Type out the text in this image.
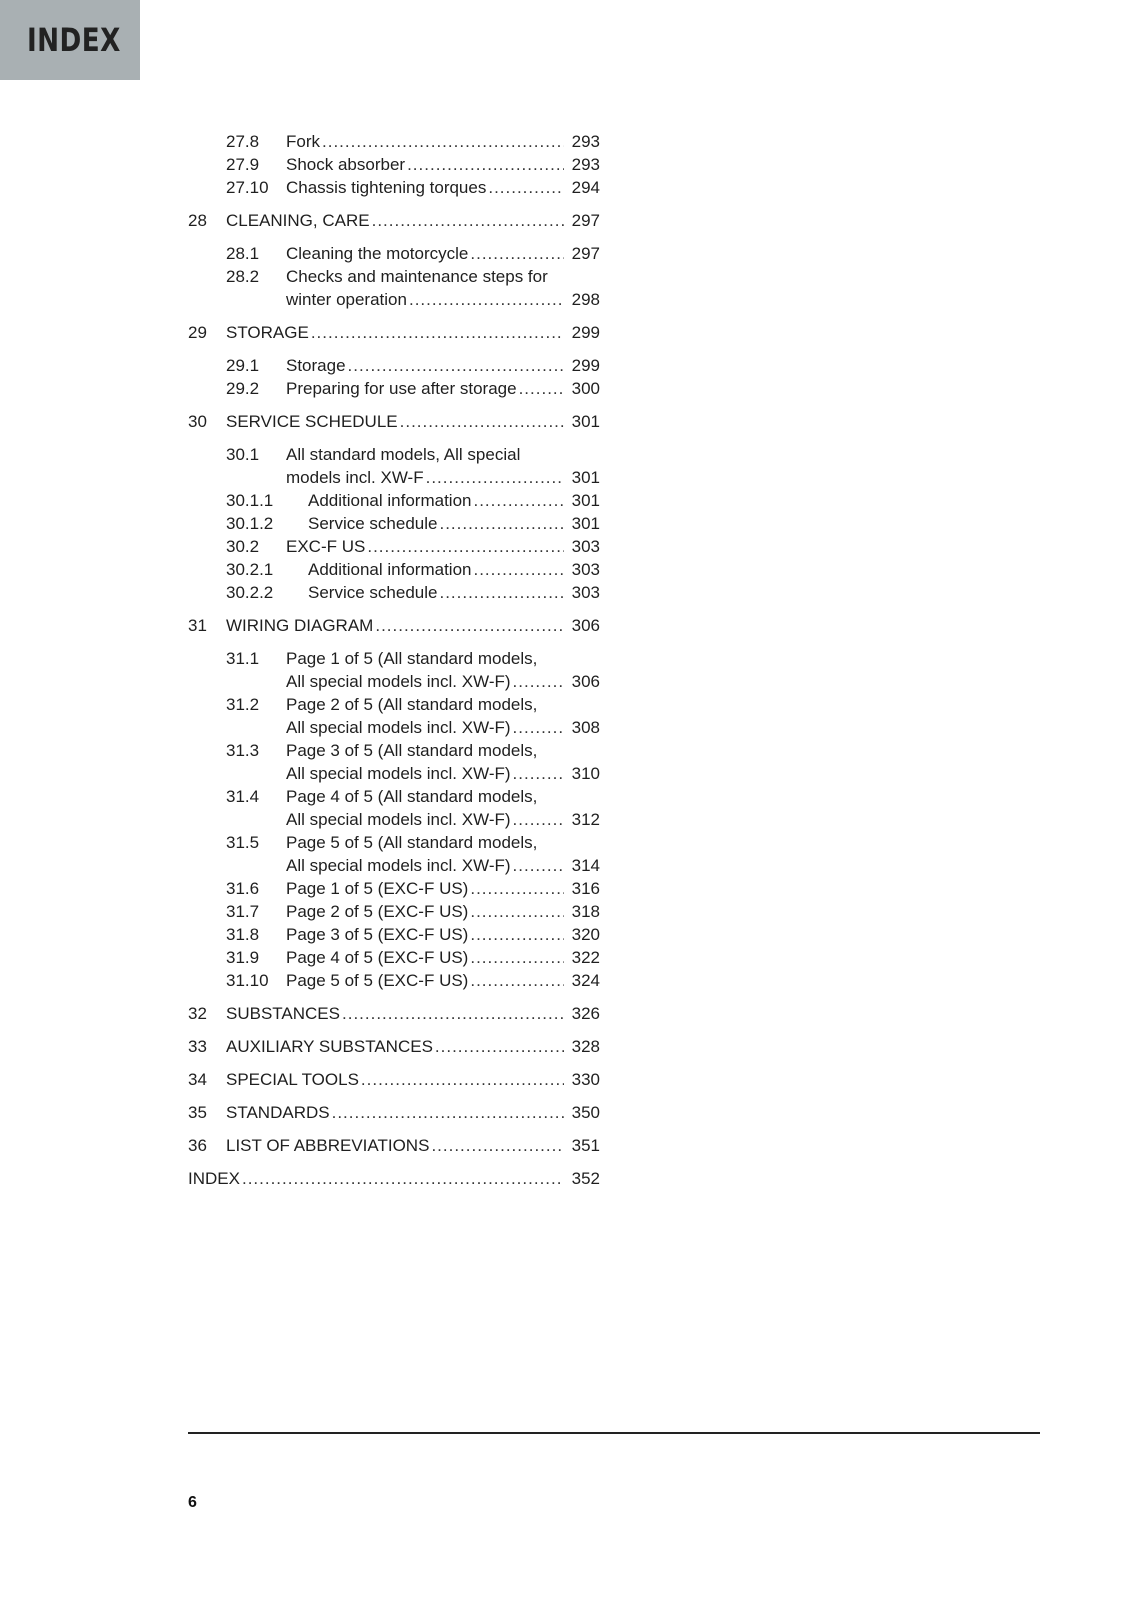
INDEX
27.8	Fork .....	293
27.9	Shock absorber .....	293
27.10	Chassis tightening torques .....	294
28	CLEANING, CARE .....	297
28.1	Cleaning the motorcycle .....	297
28.2	Checks and maintenance steps for
winter operation .....	298
29	STORAGE .....	299
29.1	Storage .....	299
29.2	Preparing for use after storage .....	300
30	SERVICE SCHEDULE .....	301
30.1	All standard models, All special
models incl. XW-F .....	301
30.1.1	Additional information .....	301
30.1.2	Service schedule .....	301
30.2	EXC-F US .....	303
30.2.1	Additional information .....	303
30.2.2	Service schedule .....	303
31	WIRING DIAGRAM .....	306
31.1	Page 1 of 5 (All standard models,
All special models incl. XW-F) .....	306
31.2	Page 2 of 5 (All standard models,
All special models incl. XW-F) .....	308
31.3	Page 3 of 5 (All standard models,
All special models incl. XW-F) .....	310
31.4	Page 4 of 5 (All standard models,
All special models incl. XW-F) .....	312
31.5	Page 5 of 5 (All standard models,
All special models incl. XW-F) .....	314
31.6	Page 1 of 5 (EXC-F US) .....	316
31.7	Page 2 of 5 (EXC-F US) .....	318
31.8	Page 3 of 5 (EXC-F US) .....	320
31.9	Page 4 of 5 (EXC-F US) .....	322
31.10	Page 5 of 5 (EXC-F US) .....	324
32	SUBSTANCES .....	326
33	AUXILIARY SUBSTANCES .....	328
34	SPECIAL TOOLS .....	330
35	STANDARDS .....	350
36	LIST OF ABBREVIATIONS .....	351
INDEX .....	352
6
